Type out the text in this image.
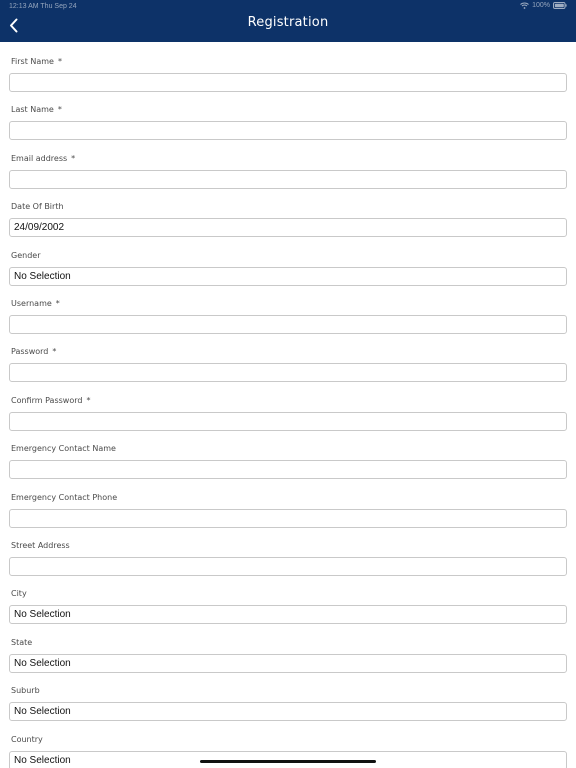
12:13 AM Thu Sep 24	100%
Registration
First Name *
Last Name *
Email address *
Date Of Birth
24/09/2002
Gender
No Selection
Username *
Password *
Confirm Password *
Emergency Contact Name
Emergency Contact Phone
Street Address
City
No Selection
State
No Selection
Suburb
No Selection
Country
No Selection
